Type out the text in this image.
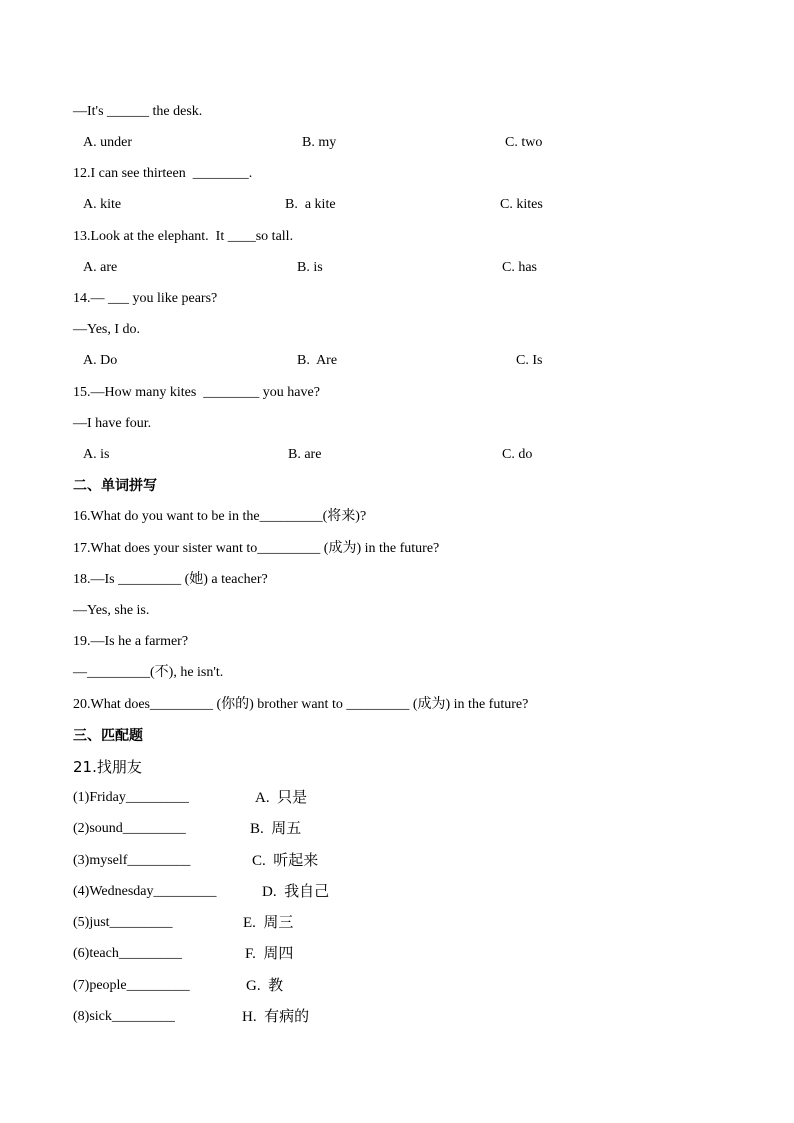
—It's ______ the desk.
A. under	B. my	C. two
12.I can see thirteen  ________.
A. kite	B.  a kite	C. kites
13.Look at the elephant.  It ____so tall.
A. are	B. is	C. has
14.— ___ you like pears?
—Yes, I do.
A. Do	B.  Are	C. Is
15.—How many kites  ________ you have?
—I have four.
A. is	B. are	C. do
二、单词拼写
16.What do you want to be in the_________(将来)?
17.What does your sister want to_________ (成为) in the future?
18.—Is _________ (她) a teacher?
—Yes, she is.
19.—Is he a farmer?
—_________(不), he isn't.
20.What does_________ (你的) brother want to _________ (成为) in the future?
三、匹配题
21.找朋友
(1)Friday_________	A.  只是
(2)sound_________	B.  周五
(3)myself_________	C.  听起来
(4)Wednesday_________	D.  我自己
(5)just_________	E.  周三
(6)teach_________	F.  周四
(7)people_________	G.  教
(8)sick_________	H.  有病的
